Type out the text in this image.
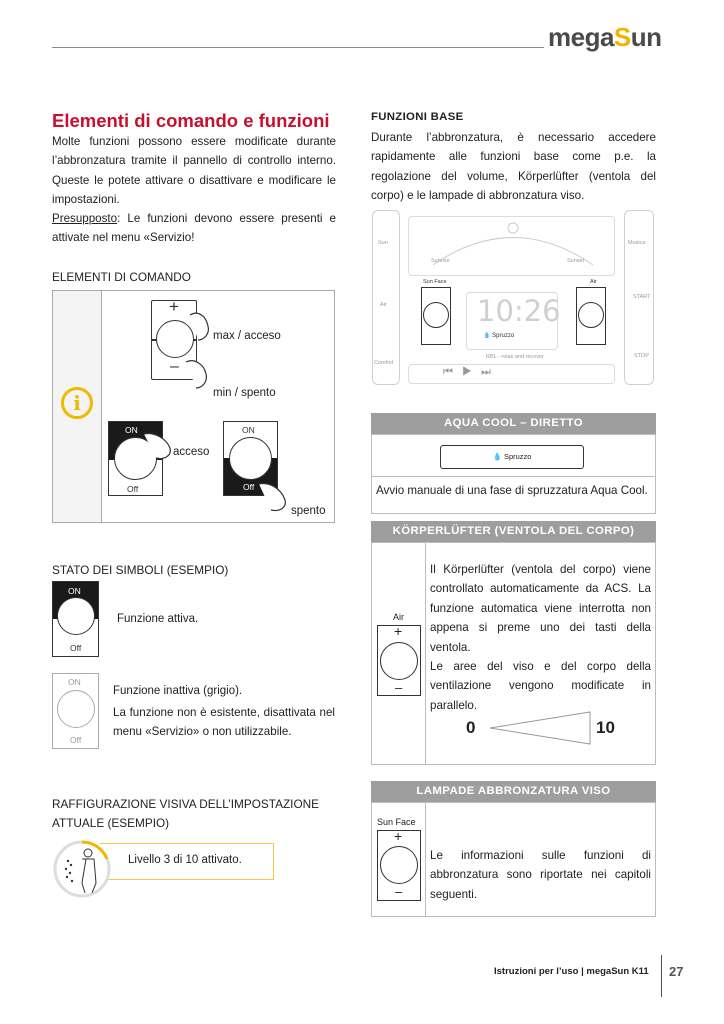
megaSun
Elementi di comando e funzioni
Molte funzioni possono essere modificate durante l’abbronzatura tramite il pannello di controllo interno. Queste le potete attivare o disattivare e modificare le impostazioni.
Presupposto: Le funzioni devono essere presenti e attivate nel menu «Servizio!
ELEMENTI DI COMANDO
i
+
–
max / acceso
min / spento
ON
Off
acceso
ON
Off
spento
STATO DEI SIMBOLI (ESEMPIO)
ON
Off
Funzione attiva.
ON
Off
Funzione inattiva (grigio).
La funzione non è esistente, disattivata nel menu «Servizio» o non utilizzabile.
RAFFIGURAZIONE VISIVA DELL’IMPOSTAZIONE
ATTUALE (ESEMPIO)
Livello 3 di 10 attivato.
FUNZIONI BASE
Durante l’abbronzatura, è necessario accedere rapidamente alle funzioni base come p.e. la regolazione del volume, Körperlüfter (ventola del corpo) e le lampade di abbronzatura viso.
Sunrise	Sunset
Sun
Air
Comfort
Musica
START
STOP
Sun Face	Air
10:26
💧 Spruzzo
RBL - relax and recover
⏮   ▶   ⏭
AQUA COOL – DIRETTO
💧 Spruzzo
Avvio manuale di una fase di spruzzatura Aqua Cool.
KÖRPERLÜFTER (VENTOLA DEL CORPO)
Air
+
–
Il Körperlüfter (ventola del corpo) viene controllato automaticamente da ACS. La funzione automatica viene interrotta non appena si preme uno dei tasti della ventola.
Le aree del viso e del corpo della ventilazione vengono modificate in parallelo.
0	10
LAMPADE ABBRONZATURA VISO
Sun Face
+
–
Le informazioni sulle funzioni di abbronzatura sono riportate nei capitoli seguenti.
Istruzioni per l’uso | megaSun K11 27
